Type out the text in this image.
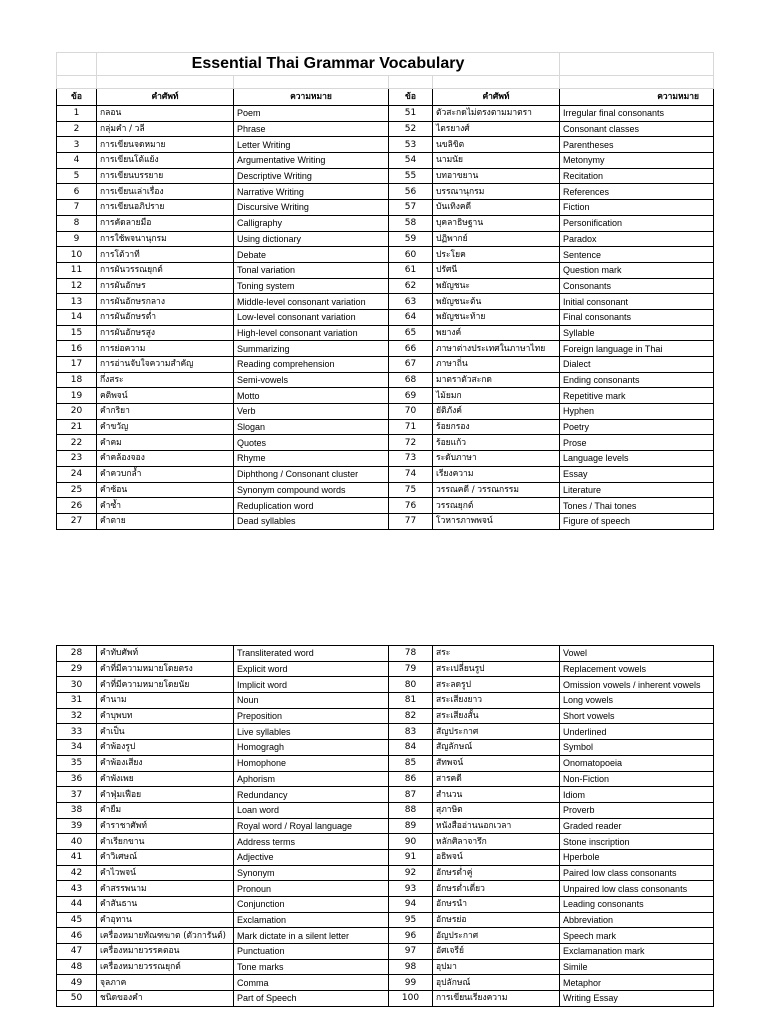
	Essential Thai Grammar Vocabulary				

ข้อ	คำศัพท์	ความหมาย	ข้อ	คำศัพท์	ความหมาย
1	กลอน	Poem	51	ตัวสะกดไม่ตรงตามมาตรา	Irregular final consonants
2	กลุ่มคำ / วลี	Phrase	52	ไตรยางศ์	Consonant classes
3	การเขียนจดหมาย	Letter Writing	53	นขลิขิต	Parentheses
4	การเขียนโต้แย้ง	Argumentative Writing	54	นามนัย	Metonymy
5	การเขียนบรรยาย	Descriptive Writing	55	บทอาขยาน	Recitation
6	การเขียนเล่าเรื่อง	Narrative Writing	56	บรรณานุกรม	References
7	การเขียนอภิปราย	Discursive Writing	57	บันเทิงคดี	Fiction
8	การคัดลายมือ	Calligraphy	58	บุคลาธิษฐาน	Personification
9	การใช้พจนานุกรม	Using dictionary	59	ปฏิพากย์	Paradox
10	การโต้วาที	Debate	60	ประโยค	Sentence
11	การผันวรรณยุกต์	Tonal variation	61	ปรัศนี	Question mark
12	การผันอักษร	Toning system	62	พยัญชนะ	Consonants
13	การผันอักษรกลาง	Middle-level consonant variation	63	พยัญชนะต้น	Initial consonant
14	การผันอักษรต่ำ	Low-level consonant variation	64	พยัญชนะท้าย	Final consonants
15	การผันอักษรสูง	High-level consonant variation	65	พยางค์	Syllable
16	การย่อความ	Summarizing	66	ภาษาต่างประเทศในภาษาไทย	Foreign language in Thai
17	การอ่านจับใจความสำคัญ	Reading comprehension	67	ภาษาถิ่น	Dialect
18	กึ่งสระ	Semi-vowels	68	มาตราตัวสะกด	Ending consonants
19	คติพจน์	Motto	69	ไม้ยมก	Repetitive mark
20	คำกริยา	Verb	70	ยัติภังค์	Hyphen
21	คำขวัญ	Slogan	71	ร้อยกรอง	Poetry
22	คำคม	Quotes	72	ร้อยแก้ว	Prose
23	คำคล้องจอง	Rhyme	73	ระดับภาษา	Language levels
24	คำควบกล้ำ	Diphthong / Consonant cluster	74	เรียงความ	Essay
25	คำซ้อน	Synonym compound words	75	วรรณคดี / วรรณกรรม	Literature
26	คำซ้ำ	Reduplication word	76	วรรณยุกต์	Tones / Thai tones
27	คำตาย	Dead syllables	77	โวหารภาพพจน์	Figure of speech
28	คำทับศัพท์	Transliterated word	78	สระ	Vowel
29	คำที่มีความหมายโดยตรง	Explicit word	79	สระเปลี่ยนรูป	Replacement vowels
30	คำที่มีความหมายโดยนัย	Implicit word	80	สระลดรูป	Omission vowels / inherent vowels
31	คำนาม	Noun	81	สระเสียงยาว	Long vowels
32	คำบุพบท	Preposition	82	สระเสียงสั้น	Short vowels
33	คำเป็น	Live syllables	83	สัญประกาศ	Underlined
34	คำพ้องรูป	Homogragh	84	สัญลักษณ์	Symbol
35	คำพ้องเสียง	Homophone	85	สัทพจน์	Onomatopoeia
36	คำพังเพย	Aphorism	86	สารคดี	Non-Fiction
37	คำฟุ่มเฟือย	Redundancy	87	สำนวน	Idiom
38	คำยืม	Loan word	88	สุภาษิต	Proverb
39	คำราชาศัพท์	Royal word / Royal language	89	หนังสืออ่านนอกเวลา	Graded reader
40	คำเรียกขาน	Address terms	90	หลักศิลาจารึก	Stone inscription
41	คำวิเศษณ์	Adjective	91	อธิพจน์	Hperbole
42	คำไวพจน์	Synonym	92	อักษรต่ำคู่	Paired low class consonants
43	คำสรรพนาม	Pronoun	93	อักษรต่ำเดี่ยว	Unpaired low class consonants
44	คำสันธาน	Conjunction	94	อักษรนำ	Leading consonants
45	คำอุทาน	Exclamation	95	อักษรย่อ	Abbreviation
46	เครื่องหมายทัณฑฆาต (ตัวการันต์)	Mark dictate in a silent letter	96	อัญประกาศ	Speech mark
47	เครื่องหมายวรรคตอน	Punctuation	97	อัศเจรีย์	Exclamanation mark
48	เครื่องหมายวรรณยุกต์	Tone marks	98	อุปมา	Simile
49	จุลภาค	Comma	99	อุปลักษณ์	Metaphor
50	ชนิดของคำ	Part of Speech	100	การเขียนเรียงความ	Writing Essay
